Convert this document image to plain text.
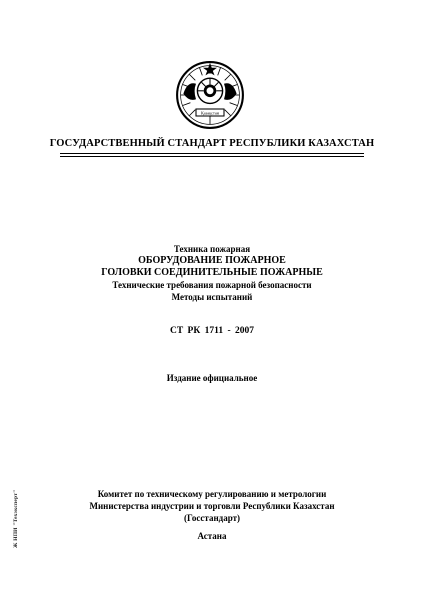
Қазақстан
ГОСУДАРСТВЕННЫЙ СТАНДАРТ РЕСПУБЛИКИ КАЗАХСТАН
Техника пожарная
ОБОРУДОВАНИЕ ПОЖАРНОЕ
ГОЛОВКИ СОЕДИНИТЕЛЬНЫЕ ПОЖАРНЫЕ
Технические требования пожарной безопасности
Методы испытаний
СТ РК 1711 - 2007
Издание официальное
Комитет по техническому регулированию и метрологии
Министерства индустрии и торговли Республики Казахстан
(Госстандарт)
Астана
Ж НПИ "Техэксперт"
